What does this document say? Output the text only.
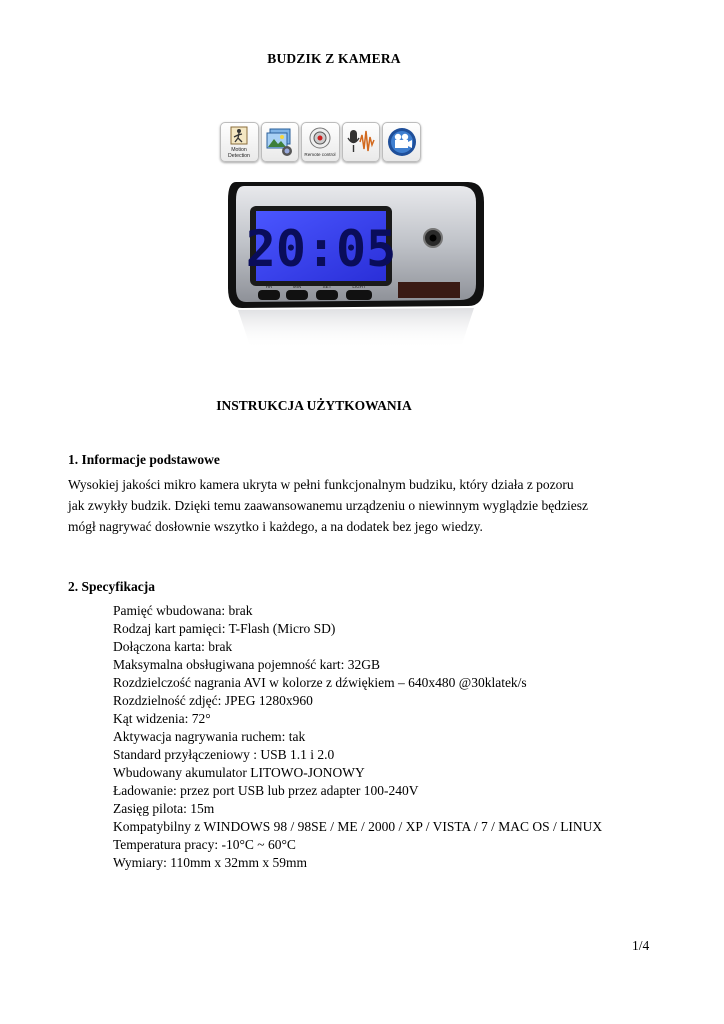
BUDZIK Z KAMERA
Motion
Detection	Remote control
20:05
HR	MIN	SET	LIGHT
INSTRUKCJA UŻYTKOWANIA
1. Informacje podstawowe
Wysokiej jakości mikro kamera ukryta w pełni funkcjonalnym budziku, który działa z pozoru jak zwykły budzik. Dzięki temu zaawansowanemu urządzeniu o niewinnym wyglądzie będziesz mógł nagrywać dosłownie wszytko i każdego, a na dodatek bez jego wiedzy.
2. Specyfikacja
Pamięć wbudowana: brak
Rodzaj kart pamięci: T-Flash (Micro SD)
Dołączona karta: brak
Maksymalna obsługiwana pojemność kart: 32GB
Rozdzielczość nagrania AVI w kolorze z dźwiękiem – 640x480 @30klatek/s
Rozdzielność zdjęć: JPEG 1280x960
Kąt widzenia: 72°
Aktywacja nagrywania ruchem: tak
Standard przyłączeniowy : USB 1.1 i 2.0
Wbudowany akumulator LITOWO-JONOWY
Ładowanie: przez port USB lub przez adapter 100-240V
Zasięg pilota: 15m
Kompatybilny z WINDOWS 98 / 98SE / ME / 2000 / XP / VISTA / 7 / MAC OS / LINUX
Temperatura pracy: -10°C ~ 60°C
Wymiary: 110mm x 32mm x 59mm
1/4
